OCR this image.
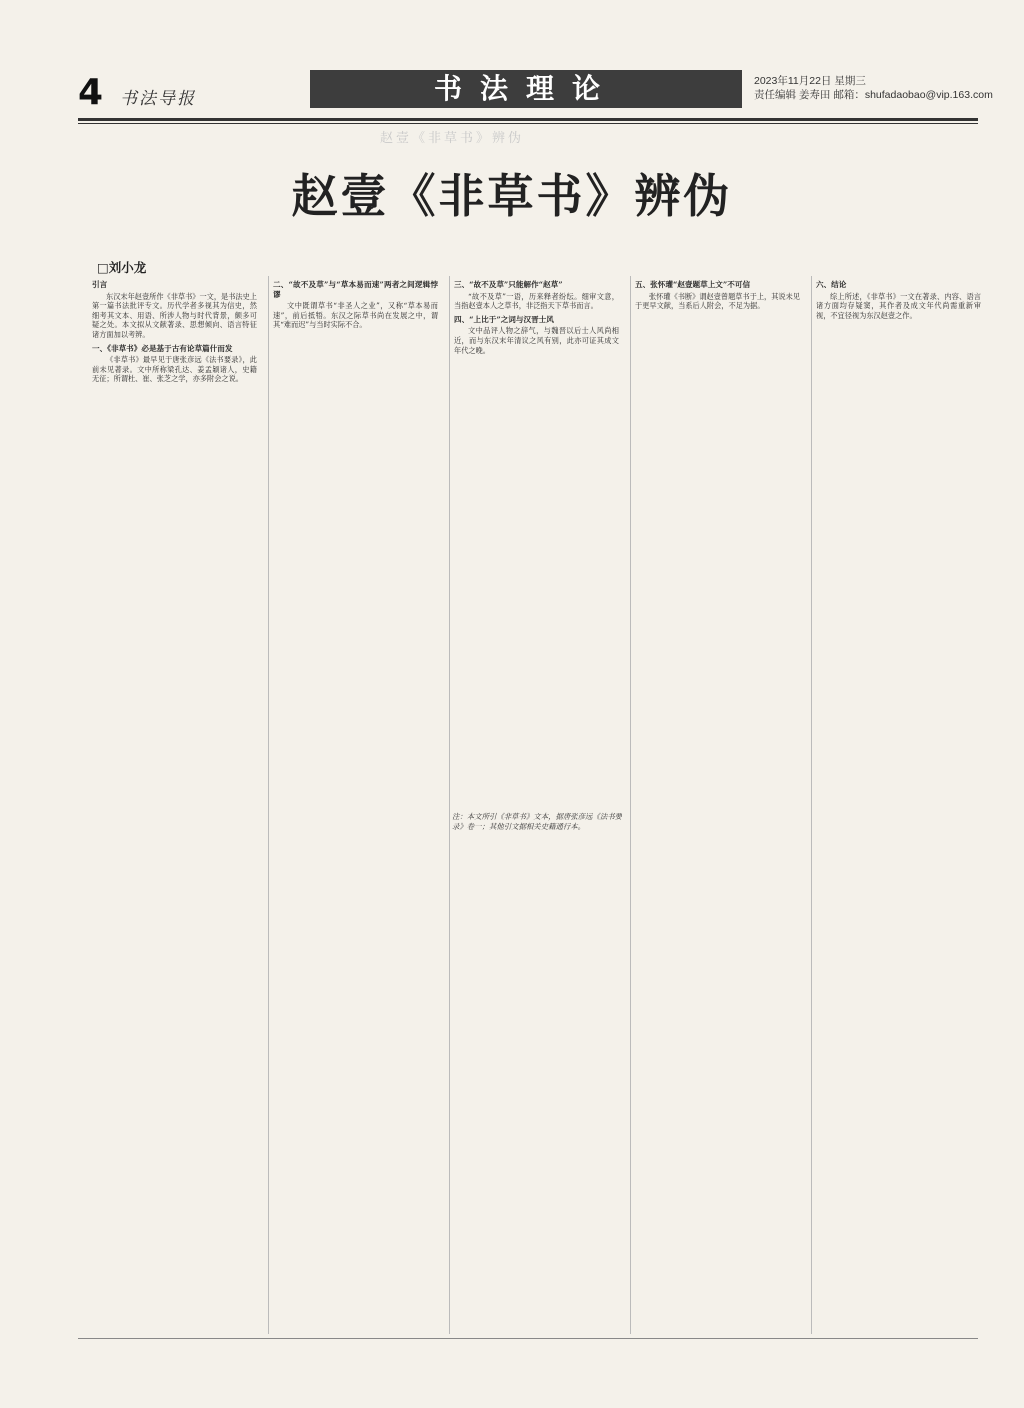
4 书法导报	书法理论	2023年11月22日 星期三
责任编辑 姜寿田 邮箱：shufadaobao@vip.163.com
赵壹《非草书》辨伪
赵壹《非草书》辨伪
□刘小龙

引言

东汉末年赵壹所作《非草书》一文，是书法史上第一篇书法批评专文。历代学者多视其为信史，然细考其文本、用语、所涉人物与时代背景，颇多可疑之处。本文拟从文献著录、思想倾向、语言特征诸方面加以考辨。

一、《非草书》必是基于古有论草篇什而发

《非草书》最早见于唐张彦远《法书要录》，此前未见著录。文中所称梁孔达、姜孟颖诸人，史籍无征；所谓杜、崔、张芝之学，亦多附会之说。

二、“故不及草”与“草本易而速”两者之间逻辑悖谬

文中既谓草书“非圣人之业”，又称“草本易而速”，前后抵牾。东汉之际草书尚在发展之中，谓其“难而迟”与当时实际不合。

三、“故不及草”只能解作“赵草”

“故不及草”一语，历来释者纷纭。细审文意，当指赵壹本人之草书，非泛指天下草书而言。

四、“上比于”之词与汉晋士风

文中品评人物之辞气，与魏晋以后士人风尚相近，而与东汉末年清议之风有别，此亦可证其成文年代之晚。

五、张怀瓘“赵壹题草上文”不可信

张怀瓘《书断》谓赵壹曾题草书于上，其说未见于更早文献，当系后人附会，不足为据。

六、结论

综上所述，《非草书》一文在著录、内容、语言诸方面均存疑窦，其作者及成文年代尚需重新审视，不宜径视为东汉赵壹之作。

注：本文所引《非草书》文本，据唐张彦远《法书要录》卷一；其他引文据相关史籍通行本。
